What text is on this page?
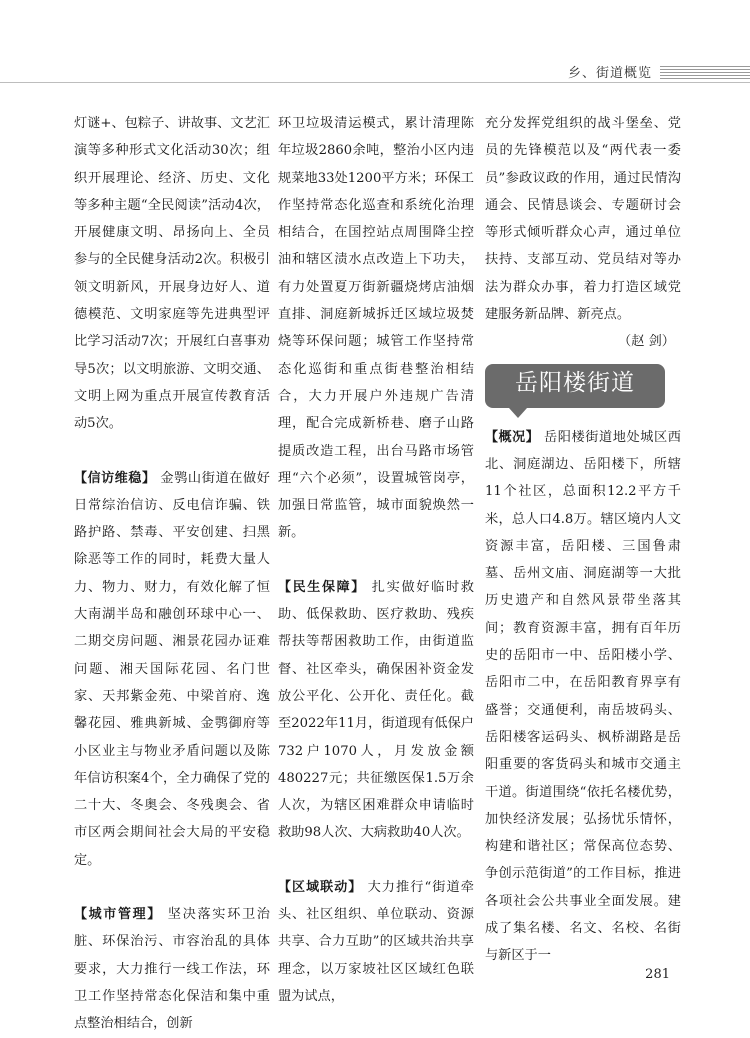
乡、街道概览

灯谜+、包粽子、讲故事、文艺汇演等多种形式文化活动30次；组织开展理论、经济、历史、文化等多种主题“全民阅读”活动4次，开展健康文明、昂扬向上、全员参与的全民健身活动2次。积极引领文明新风，开展身边好人、道德模范、文明家庭等先进典型评比学习活动7次；开展红白喜事劝导5次；以文明旅游、文明交通、文明上网为重点开展宣传教育活动5次。

【信访维稳】 金鹗山街道在做好日常综治信访、反电信诈骗、铁路护路、禁毒、平安创建、扫黑除恶等工作的同时，耗费大量人力、物力、财力，有效化解了恒大南湖半岛和融创环球中心一、二期交房问题、湘景花园办证难问题、湘天国际花园、名门世家、天邦紫金苑、中梁首府、逸馨花园、雅典新城、金鹗御府等小区业主与物业矛盾问题以及陈年信访积案4个，全力确保了党的二十大、冬奥会、冬残奥会、省市区两会期间社会大局的平安稳定。

【城市管理】 坚决落实环卫治脏、环保治污、市容治乱的具体要求，大力推行一线工作法，环卫工作坚持常态化保洁和集中重点整治相结合，创新

环卫垃圾清运模式，累计清理陈年垃圾2860余吨，整治小区内违规菜地33处1200平方米；环保工作坚持常态化巡查和系统化治理相结合，在国控站点周围降尘控油和辖区渍水点改造上下功夫，有力处置夏万街新疆烧烤店油烟直排、洞庭新城拆迁区域垃圾焚烧等环保问题；城管工作坚持常态化巡街和重点街巷整治相结合，大力开展户外违规广告清理，配合完成新桥巷、磨子山路提质改造工程，出台马路市场管理“六个必须”，设置城管岗亭，加强日常监管，城市面貌焕然一新。

【民生保障】 扎实做好临时救助、低保救助、医疗救助、残疾帮扶等帮困救助工作，由街道监督、社区牵头，确保困补资金发放公平化、公开化、责任化。截至2022年11月，街道现有低保户732户1070人，月发放金额480227元；共征缴医保1.5万余人次，为辖区困难群众申请临时救助98人次、大病救助40人次。

【区域联动】 大力推行“街道牵头、社区组织、单位联动、资源共享、合力互助”的区域共治共享理念，以万家坡社区区域红色联盟为试点，

充分发挥党组织的战斗堡垒、党员的先锋模范以及“两代表一委员”参政议政的作用，通过民情沟通会、民情恳谈会、专题研讨会等形式倾听群众心声，通过单位扶持、支部互动、党员结对等办法为群众办事，着力打造区域党建服务新品牌、新亮点。

（赵 剑）

岳阳楼街道

【概况】 岳阳楼街道地处城区西北、洞庭湖边、岳阳楼下，所辖11个社区，总面积12.2平方千米，总人口4.8万。辖区境内人文资源丰富，岳阳楼、三国鲁肃墓、岳州文庙、洞庭湖等一大批历史遗产和自然风景带坐落其间；教育资源丰富，拥有百年历史的岳阳市一中、岳阳楼小学、岳阳市二中，在岳阳教育界享有盛誉；交通便利，南岳坡码头、岳阳楼客运码头、枫桥湖路是岳阳重要的客货码头和城市交通主干道。街道围绕“依托名楼优势，加快经济发展；弘扬忧乐情怀，构建和谐社区；常保高位态势、争创示范街道”的工作目标，推进各项社会公共事业全面发展。建成了集名楼、名文、名校、名街与新区于一

281
